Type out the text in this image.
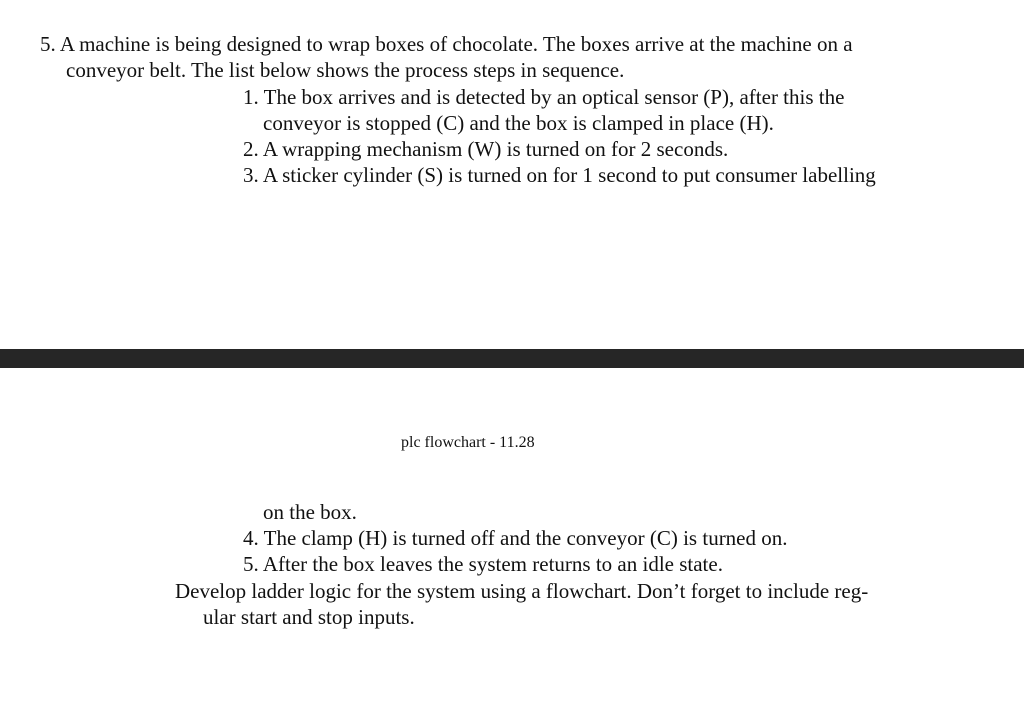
5. A machine is being designed to wrap boxes of chocolate. The boxes arrive at the machine on a
conveyor belt. The list below shows the process steps in sequence.
1. The box arrives and is detected by an optical sensor (P), after this the
conveyor is stopped (C) and the box is clamped in place (H).
2. A wrapping mechanism (W) is turned on for 2 seconds.
3. A sticker cylinder (S) is turned on for 1 second to put consumer labelling
plc flowchart - 11.28
on the box.
4. The clamp (H) is turned off and the conveyor (C) is turned on.
5. After the box leaves the system returns to an idle state.
Develop ladder logic for the system using a flowchart. Don’t forget to include reg-
ular start and stop inputs.
